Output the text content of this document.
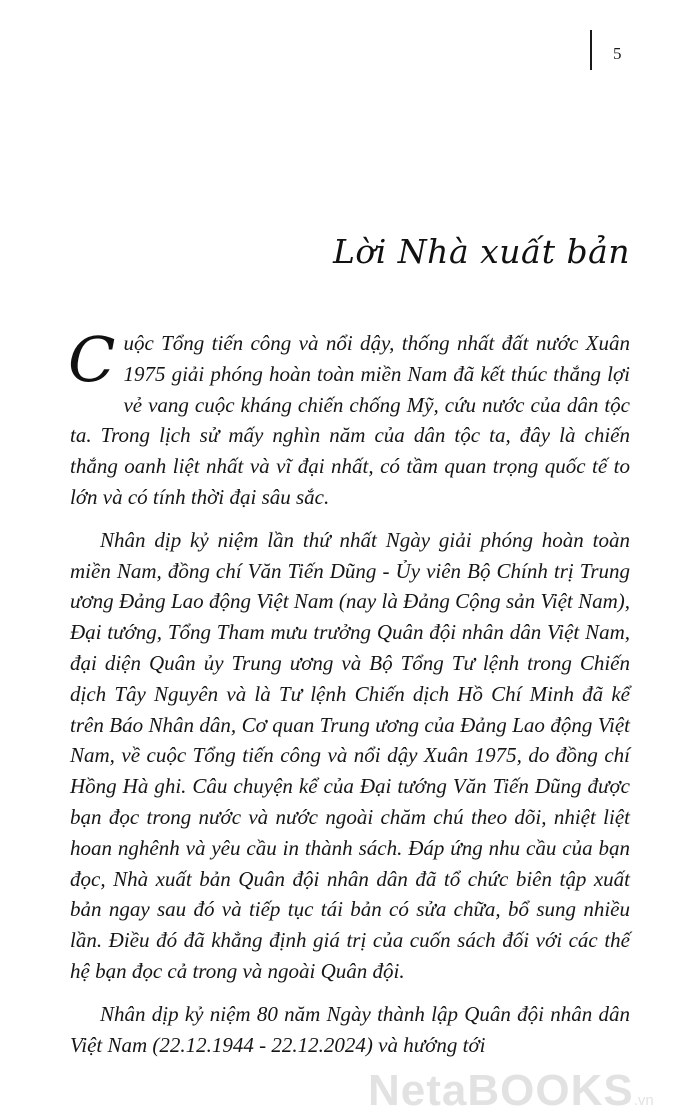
5
Lời Nhà xuất bản

Cuộc Tổng tiến công và nổi dậy, thống nhất đất nước Xuân 1975 giải phóng hoàn toàn miền Nam đã kết thúc thắng lợi vẻ vang cuộc kháng chiến chống Mỹ, cứu nước của dân tộc ta. Trong lịch sử mấy nghìn năm của dân tộc ta, đây là chiến thắng oanh liệt nhất và vĩ đại nhất, có tầm quan trọng quốc tế to lớn và có tính thời đại sâu sắc.

Nhân dịp kỷ niệm lần thứ nhất Ngày giải phóng hoàn toàn miền Nam, đồng chí Văn Tiến Dũng - Ủy viên Bộ Chính trị Trung ương Đảng Lao động Việt Nam (nay là Đảng Cộng sản Việt Nam), Đại tướng, Tổng Tham mưu trưởng Quân đội nhân dân Việt Nam, đại diện Quân ủy Trung ương và Bộ Tổng Tư lệnh trong Chiến dịch Tây Nguyên và là Tư lệnh Chiến dịch Hồ Chí Minh đã kể trên Báo Nhân dân, Cơ quan Trung ương của Đảng Lao động Việt Nam, về cuộc Tổng tiến công và nổi dậy Xuân 1975, do đồng chí Hồng Hà ghi. Câu chuyện kể của Đại tướng Văn Tiến Dũng được bạn đọc trong nước và nước ngoài chăm chú theo dõi, nhiệt liệt hoan nghênh và yêu cầu in thành sách. Đáp ứng nhu cầu của bạn đọc, Nhà xuất bản Quân đội nhân dân đã tổ chức biên tập xuất bản ngay sau đó và tiếp tục tái bản có sửa chữa, bổ sung nhiều lần. Điều đó đã khẳng định giá trị của cuốn sách đối với các thế hệ bạn đọc cả trong và ngoài Quân đội.

Nhân dịp kỷ niệm 80 năm Ngày thành lập Quân đội nhân dân Việt Nam (22.12.1944 - 22.12.2024) và hướng tới

NetaBOOKS.vn
